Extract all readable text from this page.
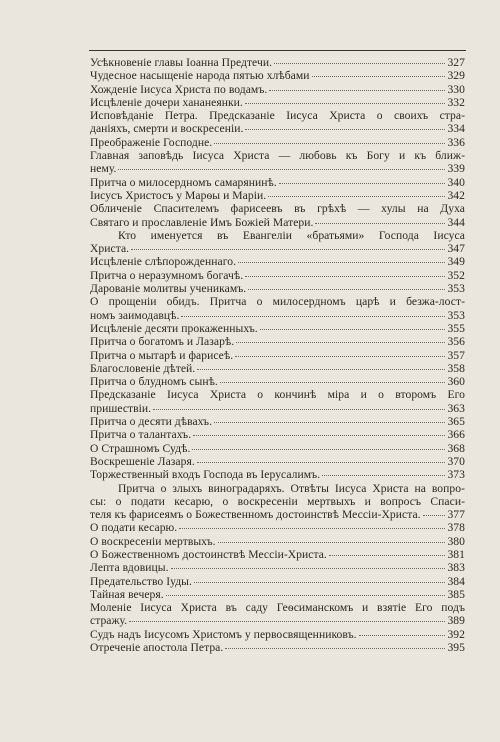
Усѣкновеніе главы Іоанна Предтечи.	327
Чудесное насыщеніе народа пятью хлѣбами	329
Хожденіе Іисуса Христа по водамъ.	330
Исцѣленіе дочери хананеянки.	332
Исповѣданіе Петра. Предсказаніе Іисуса Христа о своихъ стра-
даніяхъ, смерти и воскресеніи.	334
Преображеніе Господне.	336
Главная заповѣдь Іисуса Христа — любовь къ Богу и къ ближ-
нему.	339
Притча о милосердномъ самарянинѣ.	340
Іисусъ Христосъ у Марѳы и Маріи.	342
Обличеніе Спасителемъ фарисеевъ въ грѣхѣ — хулы на Духа
Святаго и прославленіе Имъ Божіей Матери.	344
Кто именуется въ Евангеліи «братьями» Господа Іисуса
Христа.	347
Исцѣленіе слѣпорожденнаго.	349
Притча о неразумномъ богачѣ.	352
Дарованіе молитвы ученикамъ.	353
О прощеніи обидъ. Притча о милосердномъ царѣ и безжа-лост-
номъ заимодавцѣ.	353
Исцѣленіе десяти прокаженныхъ.	355
Притча о богатомъ и Лазарѣ.	356
Притча о мытарѣ и фарисеѣ.	357
Благословеніе дѣтей.	358
Притча о блудномъ сынѣ.	360
Предсказаніе Іисуса Христа о кончинѣ міра и о второмъ Его
пришествіи.	363
Притча о десяти дѣвахъ.	365
Притча о талантахъ.	366
О Страшномъ Судѣ.	368
Воскрешеніе Лазаря.	370
Торжественный входъ Господа въ Іерусалимъ.	373
Притча о злыхъ виноградаряхъ. Отвѣты Іисуса Христа на вопро-
сы: о подати кесарю, о воскресеніи мертвыхъ и вопросъ Спаси-
теля къ фарисеямъ о Божественномъ достоинствѣ Мессіи-Христа. 377
О подати кесарю.	378
О воскресеніи мертвыхъ.	380
О Божественномъ достоинствѣ Мессіи-Христа.	381
Лепта вдовицы.	383
Предательство Іуды.	384
Тайная вечеря.	385
Моленіе Іисуса Христа въ саду Геѳсиманскомъ и взятіе Его подъ
стражу.	389
Судъ надъ Іисусомъ Христомъ у первосвященниковъ.	392
Отреченіе апостола Петра.	395
